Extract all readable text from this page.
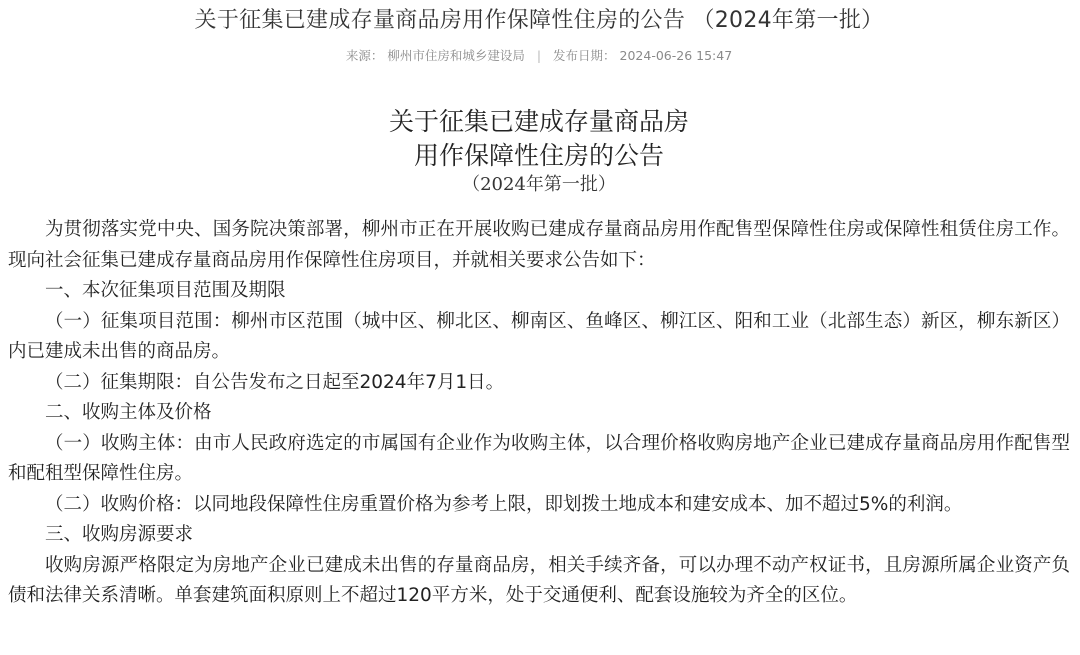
关于征集已建成存量商品房用作保障性住房的公告 （2024年第一批）
来源： 柳州市住房和城乡建设局 | 发布日期： 2024-06-26 15:47
关于征集已建成存量商品房
用作保障性住房的公告
（2024年第一批）

为贯彻落实党中央、国务院决策部署，柳州市正在开展收购已建成存量商品房用作配售型保障性住房或保障性租赁住房工作。现向社会征集已建成存量商品房用作保障性住房项目，并就相关要求公告如下：

一、本次征集项目范围及期限

（一）征集项目范围：柳州市区范围（城中区、柳北区、柳南区、鱼峰区、柳江区、阳和工业（北部生态）新区，柳东新区）内已建成未出售的商品房。

（二）征集期限：自公告发布之日起至2024年7月1日。

二、收购主体及价格

（一）收购主体：由市人民政府选定的市属国有企业作为收购主体，以合理价格收购房地产企业已建成存量商品房用作配售型和配租型保障性住房。

（二）收购价格：以同地段保障性住房重置价格为参考上限，即划拨土地成本和建安成本、加不超过5%的利润。

三、收购房源要求

收购房源严格限定为房地产企业已建成未出售的存量商品房，相关手续齐备，可以办理不动产权证书，且房源所属企业资产负债和法律关系清晰。单套建筑面积原则上不超过120平方米，处于交通便利、配套设施较为齐全的区位。
